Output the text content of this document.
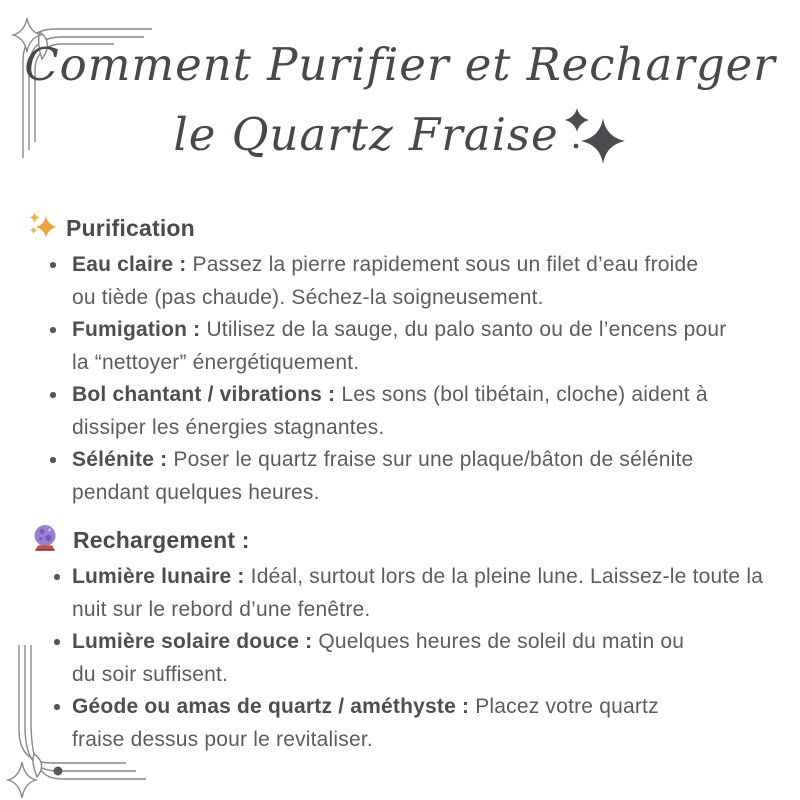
Comment Purifier et Recharger
le Quartz Fraise
Purification
Eau claire : Passez la pierre rapidement sous un filet d’eau froide ou tiède (pas chaude). Séchez-la soigneusement.
Fumigation : Utilisez de la sauge, du palo santo ou de l’encens pour la “nettoyer” énergétiquement.
Bol chantant / vibrations : Les sons (bol tibétain, cloche) aident à dissiper les énergies stagnantes.
Sélénite : Poser le quartz fraise sur une plaque/bâton de sélénite pendant quelques heures.
Rechargement :
Lumière lunaire : Idéal, surtout lors de la pleine lune. Laissez-le toute la nuit sur le rebord d’une fenêtre.
Lumière solaire douce : Quelques heures de soleil du matin ou du soir suffisent.
Géode ou amas de quartz / améthyste : Placez votre quartz fraise dessus pour le revitaliser.
